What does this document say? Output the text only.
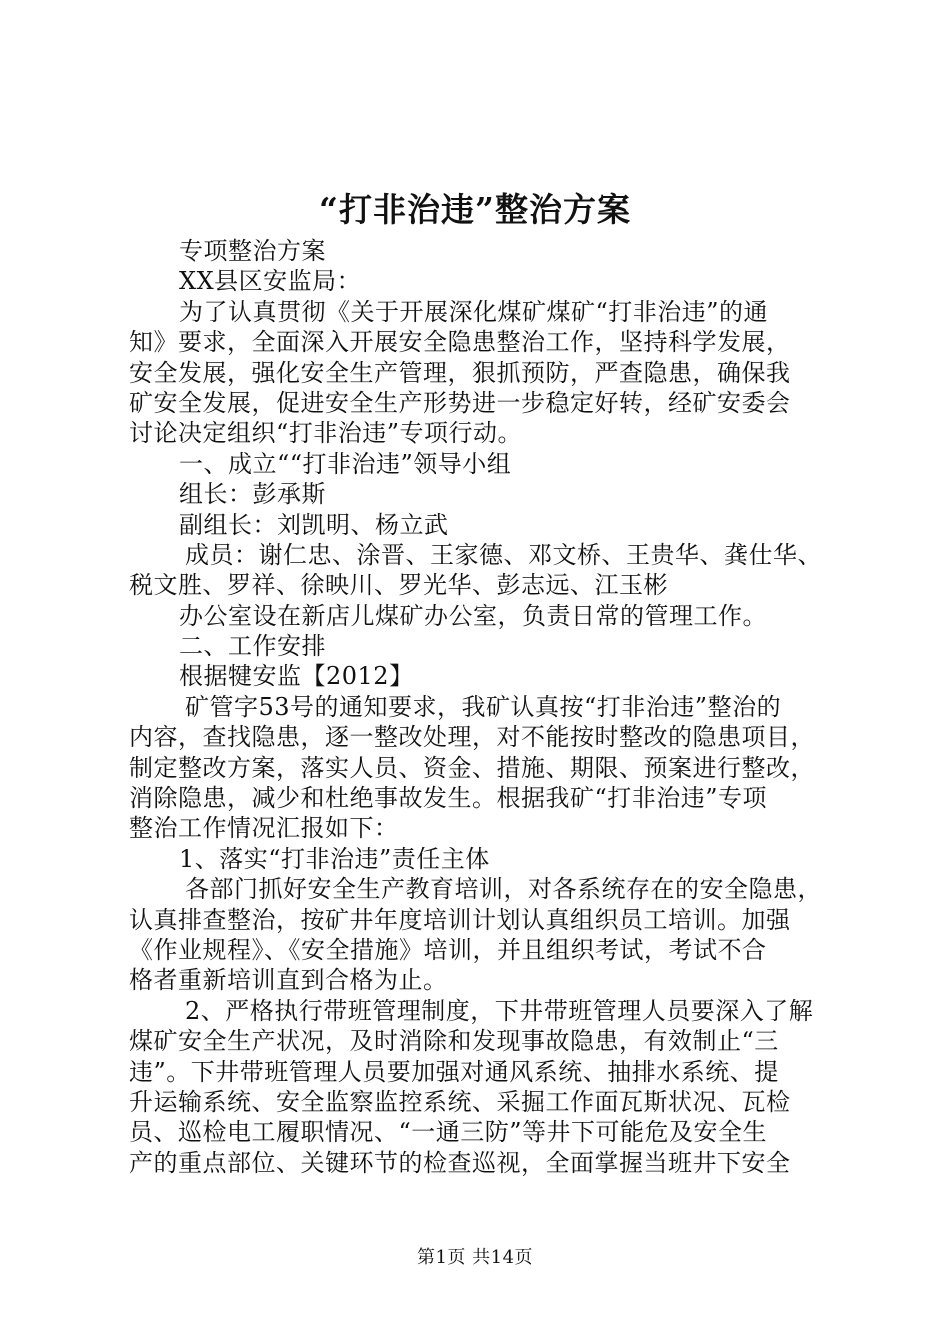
“打非治违”整治方案
专项整治方案
XX县区安监局：
为了认真贯彻《关于开展深化煤矿煤矿“打非治违”的通
知》要求，全面深入开展安全隐患整治工作，坚持科学发展，
安全发展，强化安全生产管理，狠抓预防，严查隐患，确保我
矿安全发展，促进安全生产形势进一步稳定好转，经矿安委会
讨论决定组织“打非治违”专项行动。
一、成立““打非治违”领导小组
组长：彭承斯
副组长：刘凯明、杨立武
成员：谢仁忠、涂晋、王家德、邓文桥、王贵华、龚仕华、
税文胜、罗祥、徐映川、罗光华、彭志远、江玉彬
办公室设在新店儿煤矿办公室，负责日常的管理工作。
二、工作安排
根据犍安监【2012】
矿管字53号的通知要求，我矿认真按“打非治违”整治的
内容，查找隐患，逐一整改处理，对不能按时整改的隐患项目，
制定整改方案，落实人员、资金、措施、期限、预案进行整改，
消除隐患，减少和杜绝事故发生。根据我矿“打非治违”专项
整治工作情况汇报如下：
1、落实“打非治违”责任主体
各部门抓好安全生产教育培训，对各系统存在的安全隐患，
认真排查整治，按矿井年度培训计划认真组织员工培训。加强
《作业规程》、《安全措施》培训，并且组织考试，考试不合
格者重新培训直到合格为止。
2、严格执行带班管理制度，下井带班管理人员要深入了解
煤矿安全生产状况，及时消除和发现事故隐患，有效制止“三
违”。下井带班管理人员要加强对通风系统、抽排水系统、提
升运输系统、安全监察监控系统、采掘工作面瓦斯状况、瓦检
员、巡检电工履职情况、“一通三防”等井下可能危及安全生
产的重点部位、关键环节的检查巡视，全面掌握当班井下安全
第1页 共14页
